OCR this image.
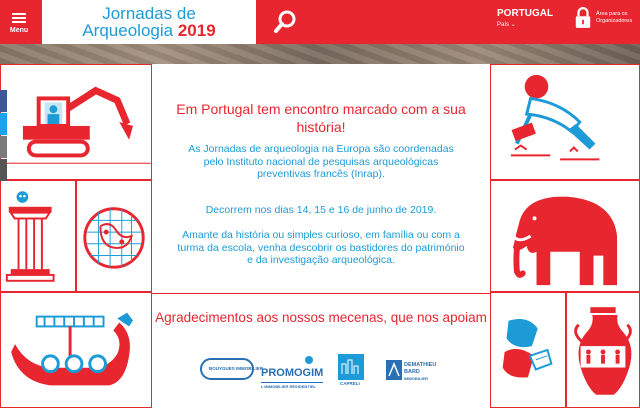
Menu
Jornadas de
Arqueologia 2019
PORTUGAL
País ⌄
Área para os Organizadores
Em Portugal tem encontro marcado com a sua história!
As Jornadas de arqueologia na Europa são coordenadas pelo Instituto nacional de pesquisas arqueológicas preventivas francês (Inrap).
Decorrem nos dias 14, 15 e 16 de junho de 2019.
Amante da história ou simples curioso, em família ou com a turma da escola, venha descobrir os bastidores do património e da investigação arqueológica.
Agradecimentos aos nossos mecenas, que nos apoiam
BOUYGUES IMMOBILIER
PROMOGIM
L'IMMOBILIER RESIDENTIEL
CAPRELI
DEMATHIEU
BARD
IMMOBILIER
